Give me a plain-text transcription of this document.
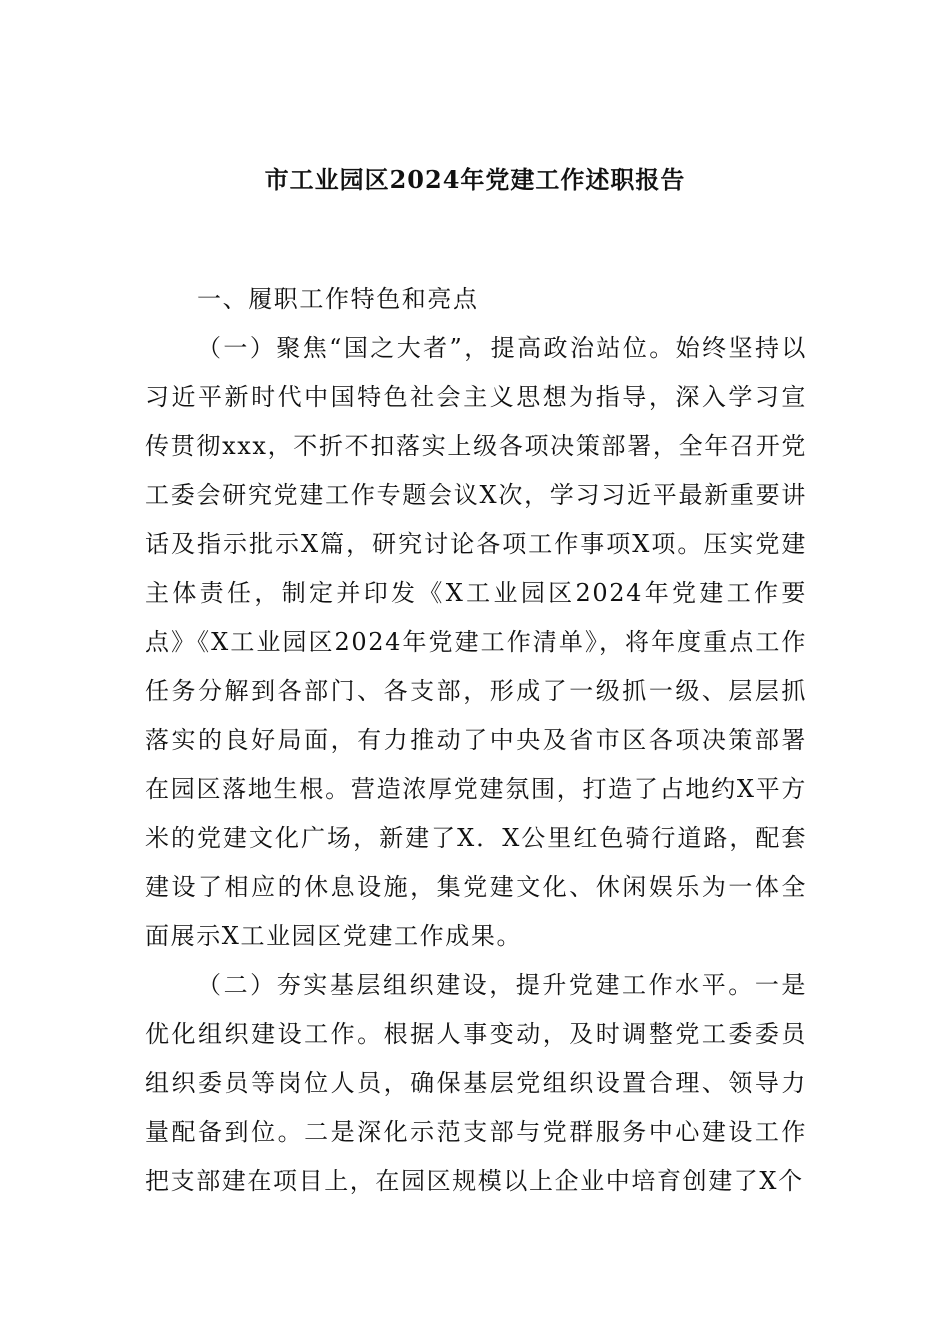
市工业园区2024年党建工作述职报告

一、履职工作特色和亮点

（一）聚焦“国之大者”，提高政治站位。始终坚持以习近平新时代中国特色社会主义思想为指导，深入学习宣传贯彻xxx，不折不扣落实上级各项决策部署，全年召开党工委会研究党建工作专题会议X次，学习习近平最新重要讲话及指示批示X篇，研究讨论各项工作事项X项。压实党建主体责任，制定并印发《X工业园区2024年党建工作要点》《X工业园区2024年党建工作清单》，将年度重点工作任务分解到各部门、各支部，形成了一级抓一级、层层抓落实的良好局面，有力推动了中央及省市区各项决策部署在园区落地生根。营造浓厚党建氛围，打造了占地约X平方米的党建文化广场，新建了X．X公里红色骑行道路，配套建设了相应的休息设施，集党建文化、休闲娱乐为一体全面展示X工业园区党建工作成果。

（二）夯实基层组织建设，提升党建工作水平。一是优化组织建设工作。根据人事变动，及时调整党工委委员组织委员等岗位人员，确保基层党组织设置合理、领导力量配备到位。二是深化示范支部与党群服务中心建设工作把支部建在项目上，在园区规模以上企业中培育创建了X个
